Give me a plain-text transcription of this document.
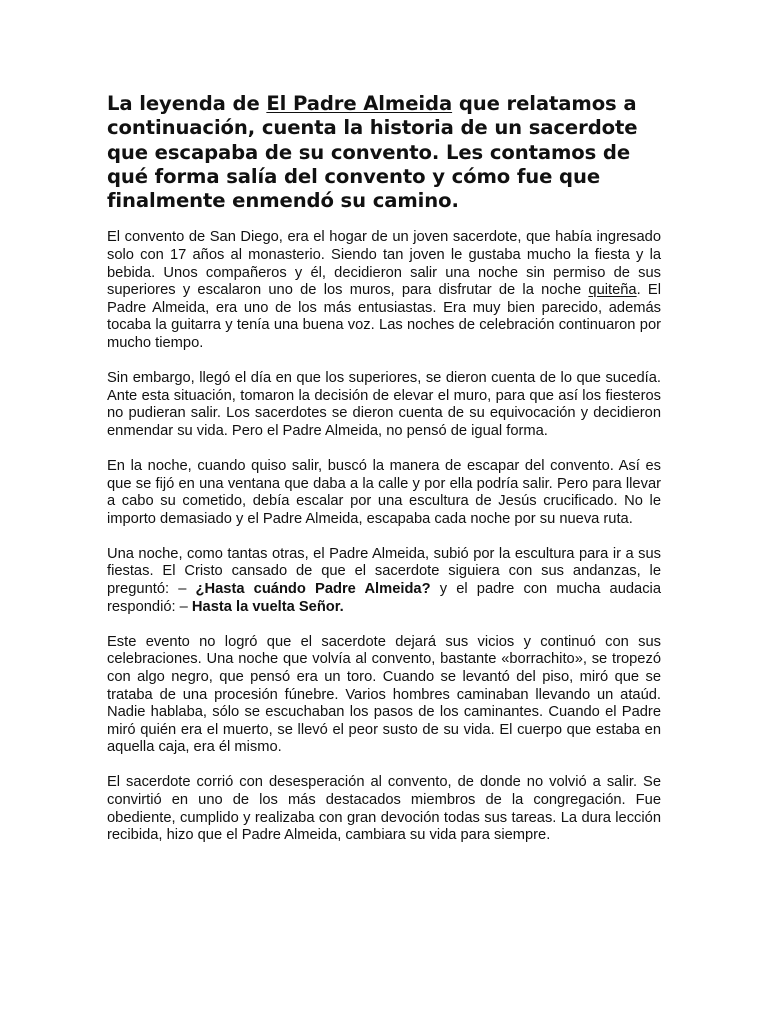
La leyenda de El Padre Almeida que relatamos a continuación, cuenta la historia de un sacerdote que escapaba de su convento. Les contamos de qué forma salía del convento y cómo fue que finalmente enmendó su camino.

El convento de San Diego, era el hogar de un joven sacerdote, que había ingresado solo con 17 años al monasterio. Siendo tan joven le gustaba mucho la fiesta y la bebida. Unos compañeros y él, decidieron salir una noche sin permiso de sus superiores y escalaron uno de los muros, para disfrutar de la noche quiteña. El Padre Almeida, era uno de los más entusiastas. Era muy bien parecido, además tocaba la guitarra y tenía una buena voz. Las noches de celebración continuaron por mucho tiempo.

Sin embargo, llegó el día en que los superiores, se dieron cuenta de lo que sucedía. Ante esta situación, tomaron la decisión de elevar el muro, para que así los fiesteros no pudieran salir. Los sacerdotes se dieron cuenta de su equivocación y decidieron enmendar su vida. Pero el Padre Almeida, no pensó de igual forma.

En la noche, cuando quiso salir, buscó la manera de escapar del convento. Así es que se fijó en una ventana que daba a la calle y por ella podría salir. Pero para llevar a cabo su cometido, debía escalar por una escultura de Jesús crucificado. No le importo demasiado y el Padre Almeida, escapaba cada noche por su nueva ruta.

Una noche, como tantas otras, el Padre Almeida, subió por la escultura para ir a sus fiestas. El Cristo cansado de que el sacerdote siguiera con sus andanzas, le preguntó: – ¿Hasta cuándo Padre Almeida? y el padre con mucha audacia respondió: – Hasta la vuelta Señor.

Este evento no logró que el sacerdote dejará sus vicios y continuó con sus celebraciones. Una noche que volvía al convento, bastante «borrachito», se tropezó con algo negro, que pensó era un toro. Cuando se levantó del piso, miró que se trataba de una procesión fúnebre. Varios hombres caminaban llevando un ataúd. Nadie hablaba, sólo se escuchaban los pasos de los caminantes. Cuando el Padre miró quién era el muerto, se llevó el peor susto de su vida. El cuerpo que estaba en aquella caja, era él mismo.

El sacerdote corrió con desesperación al convento, de donde no volvió a salir. Se convirtió en uno de los más destacados miembros de la congregación. Fue obediente, cumplido y realizaba con gran devoción todas sus tareas. La dura lección recibida, hizo que el Padre Almeida, cambiara su vida para siempre.
